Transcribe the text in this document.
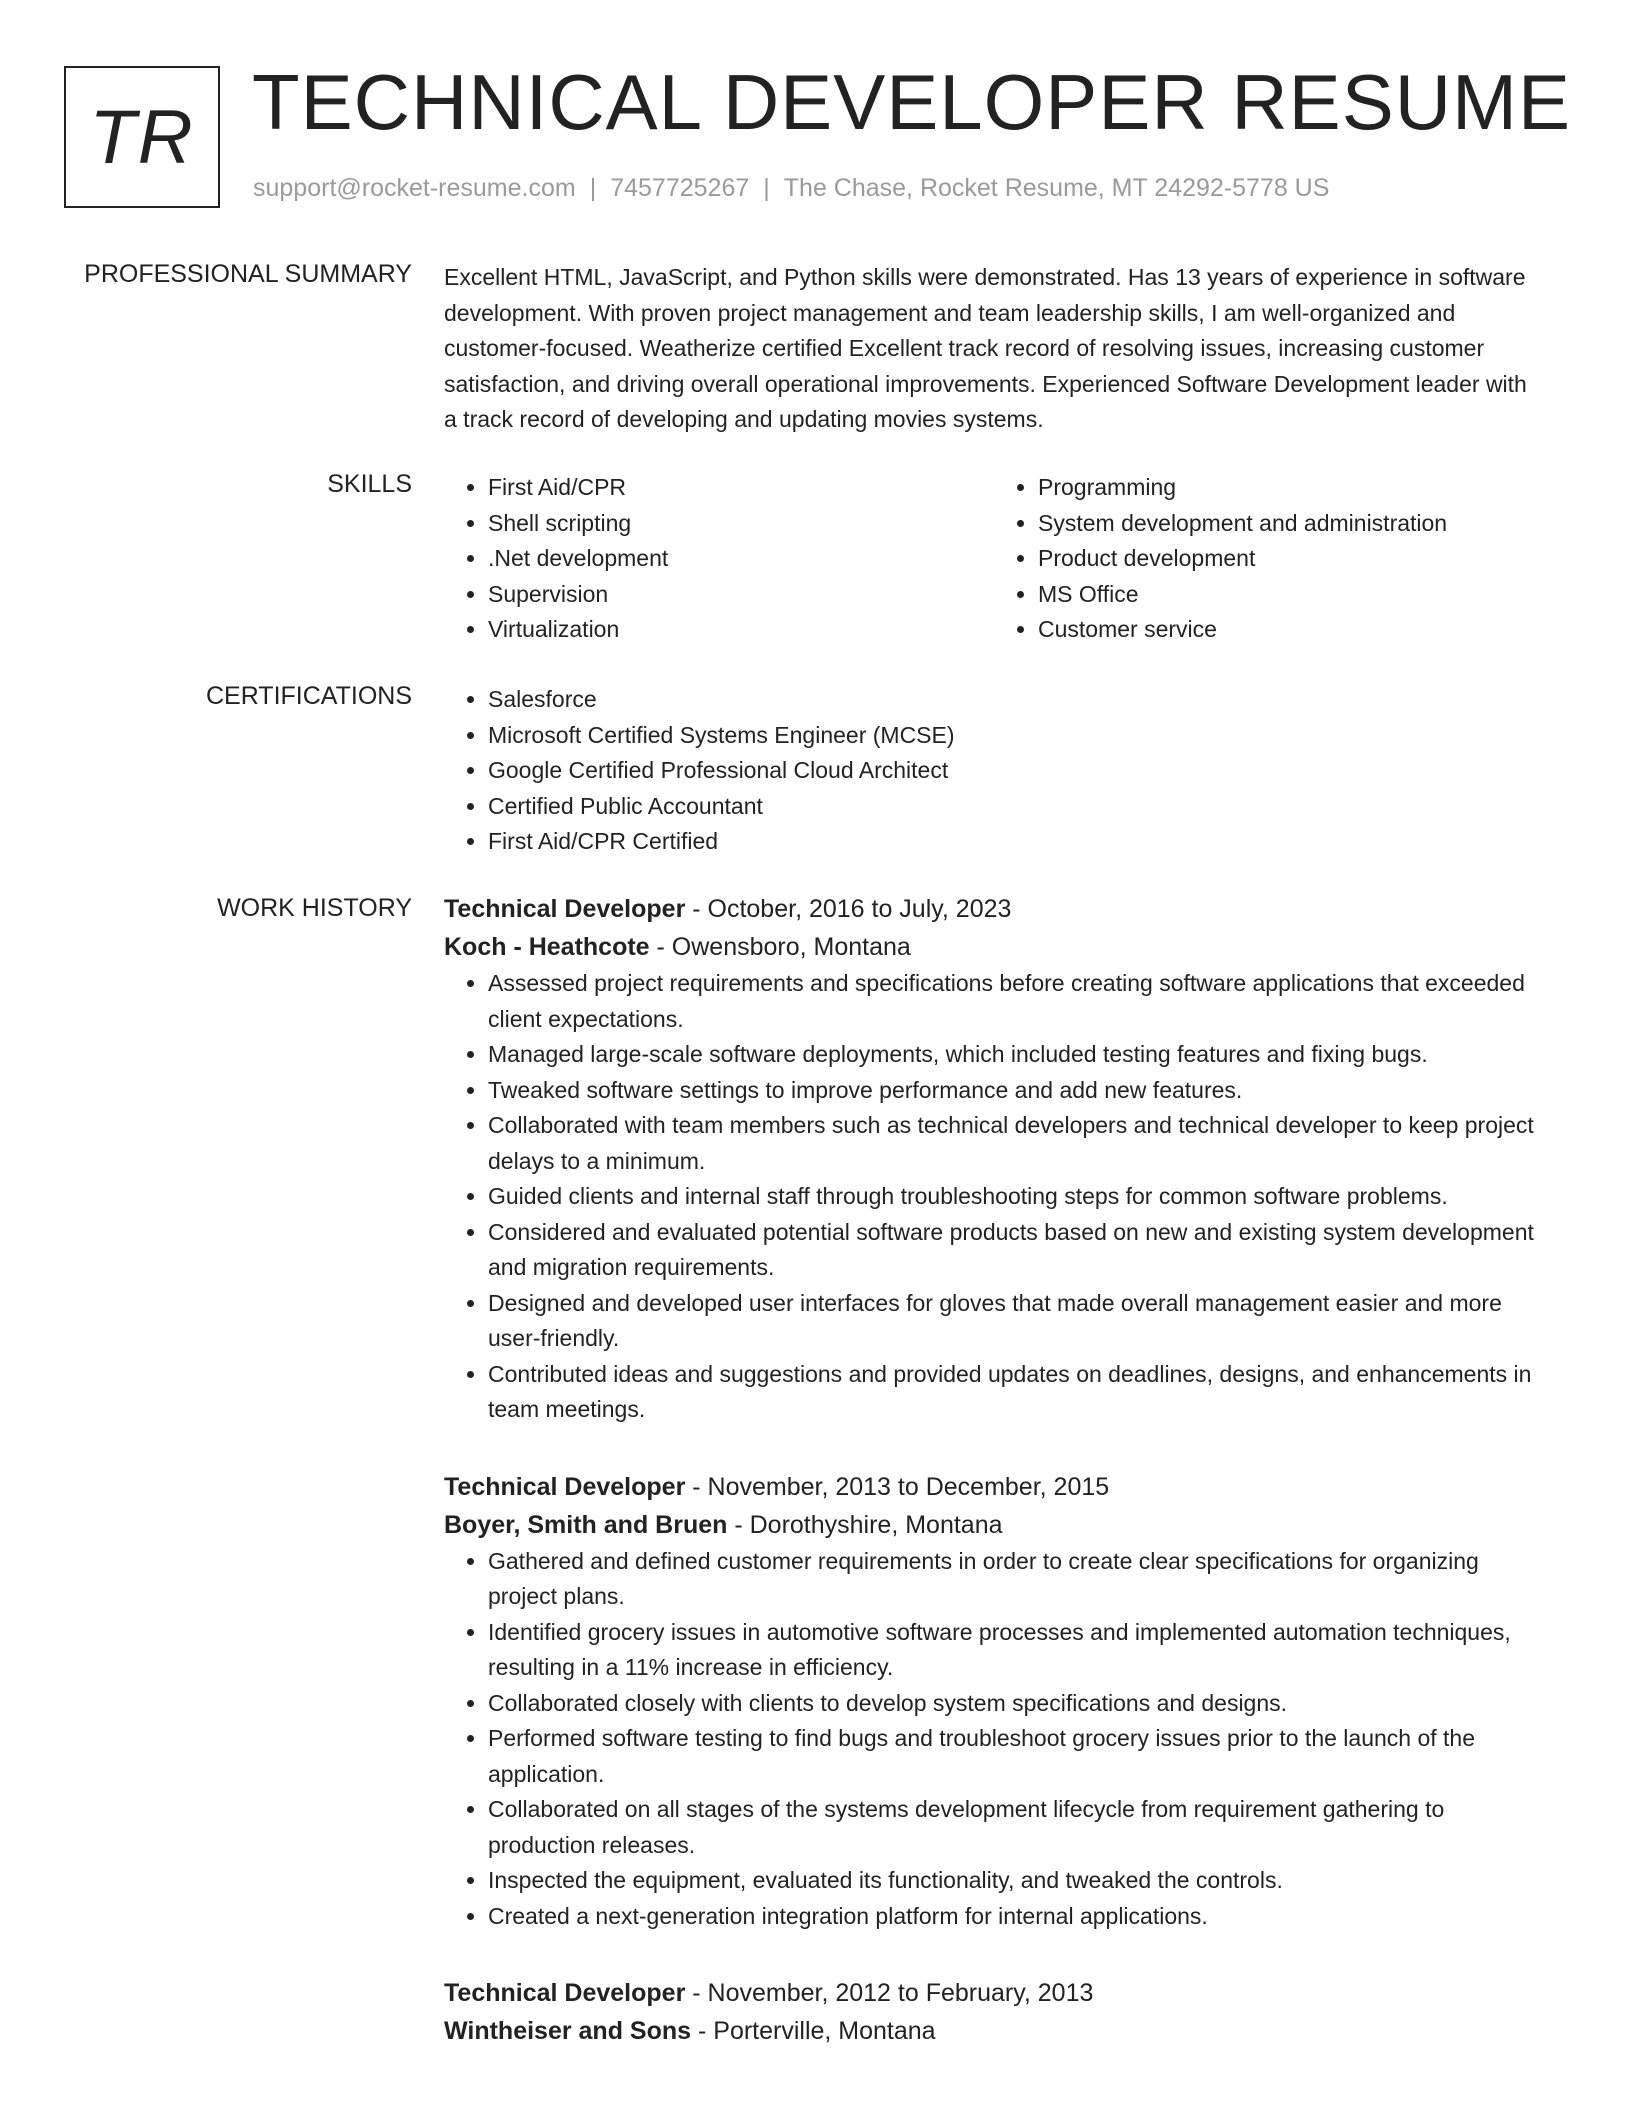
TR TECHNICAL DEVELOPER RESUME
support@rocket-resume.com | 7457725267 | The Chase, Rocket Resume, MT 24292-5778 US
PROFESSIONAL SUMMARY Excellent HTML, JavaScript, and Python skills were demonstrated. Has 13 years of experience in software development. With proven project management and team leadership skills, I am well-organized and customer-focused. Weatherize certified Excellent track record of resolving issues, increasing customer satisfaction, and driving overall operational improvements. Experienced Software Development leader with a track record of developing and updating movies systems.

SKILLS	• First Aid/CPR
• Shell scripting
• .Net development
• Supervision
• Virtualization
• Programming
• System development and administration
• Product development
• MS Office
• Customer service
CERTIFICATIONS	• Salesforce
• Microsoft Certified Systems Engineer (MCSE)
• Google Certified Professional Cloud Architect
• Certified Public Accountant
• First Aid/CPR Certified
WORK HISTORY Technical Developer - October, 2016 to July, 2023

Koch - Heathcote - Owensboro, Montana

• Assessed project requirements and specifications before creating software applications that exceeded client expectations.
• Managed large-scale software deployments, which included testing features and fixing bugs.
• Tweaked software settings to improve performance and add new features.
• Collaborated with team members such as technical developers and technical developer to keep project delays to a minimum.
• Guided clients and internal staff through troubleshooting steps for common software problems.
• Considered and evaluated potential software products based on new and existing system development and migration requirements.
• Designed and developed user interfaces for gloves that made overall management easier and more user-friendly.
• Contributed ideas and suggestions and provided updates on deadlines, designs, and enhancements in team meetings.

Technical Developer - November, 2013 to December, 2015

Boyer, Smith and Bruen - Dorothyshire, Montana

• Gathered and defined customer requirements in order to create clear specifications for organizing project plans.
• Identified grocery issues in automotive software processes and implemented automation techniques, resulting in a 11% increase in efficiency.
• Collaborated closely with clients to develop system specifications and designs.
• Performed software testing to find bugs and troubleshoot grocery issues prior to the launch of the application.
• Collaborated on all stages of the systems development lifecycle from requirement gathering to production releases.
• Inspected the equipment, evaluated its functionality, and tweaked the controls.
• Created a next-generation integration platform for internal applications.

Technical Developer - November, 2012 to February, 2013

Wintheiser and Sons - Porterville, Montana
